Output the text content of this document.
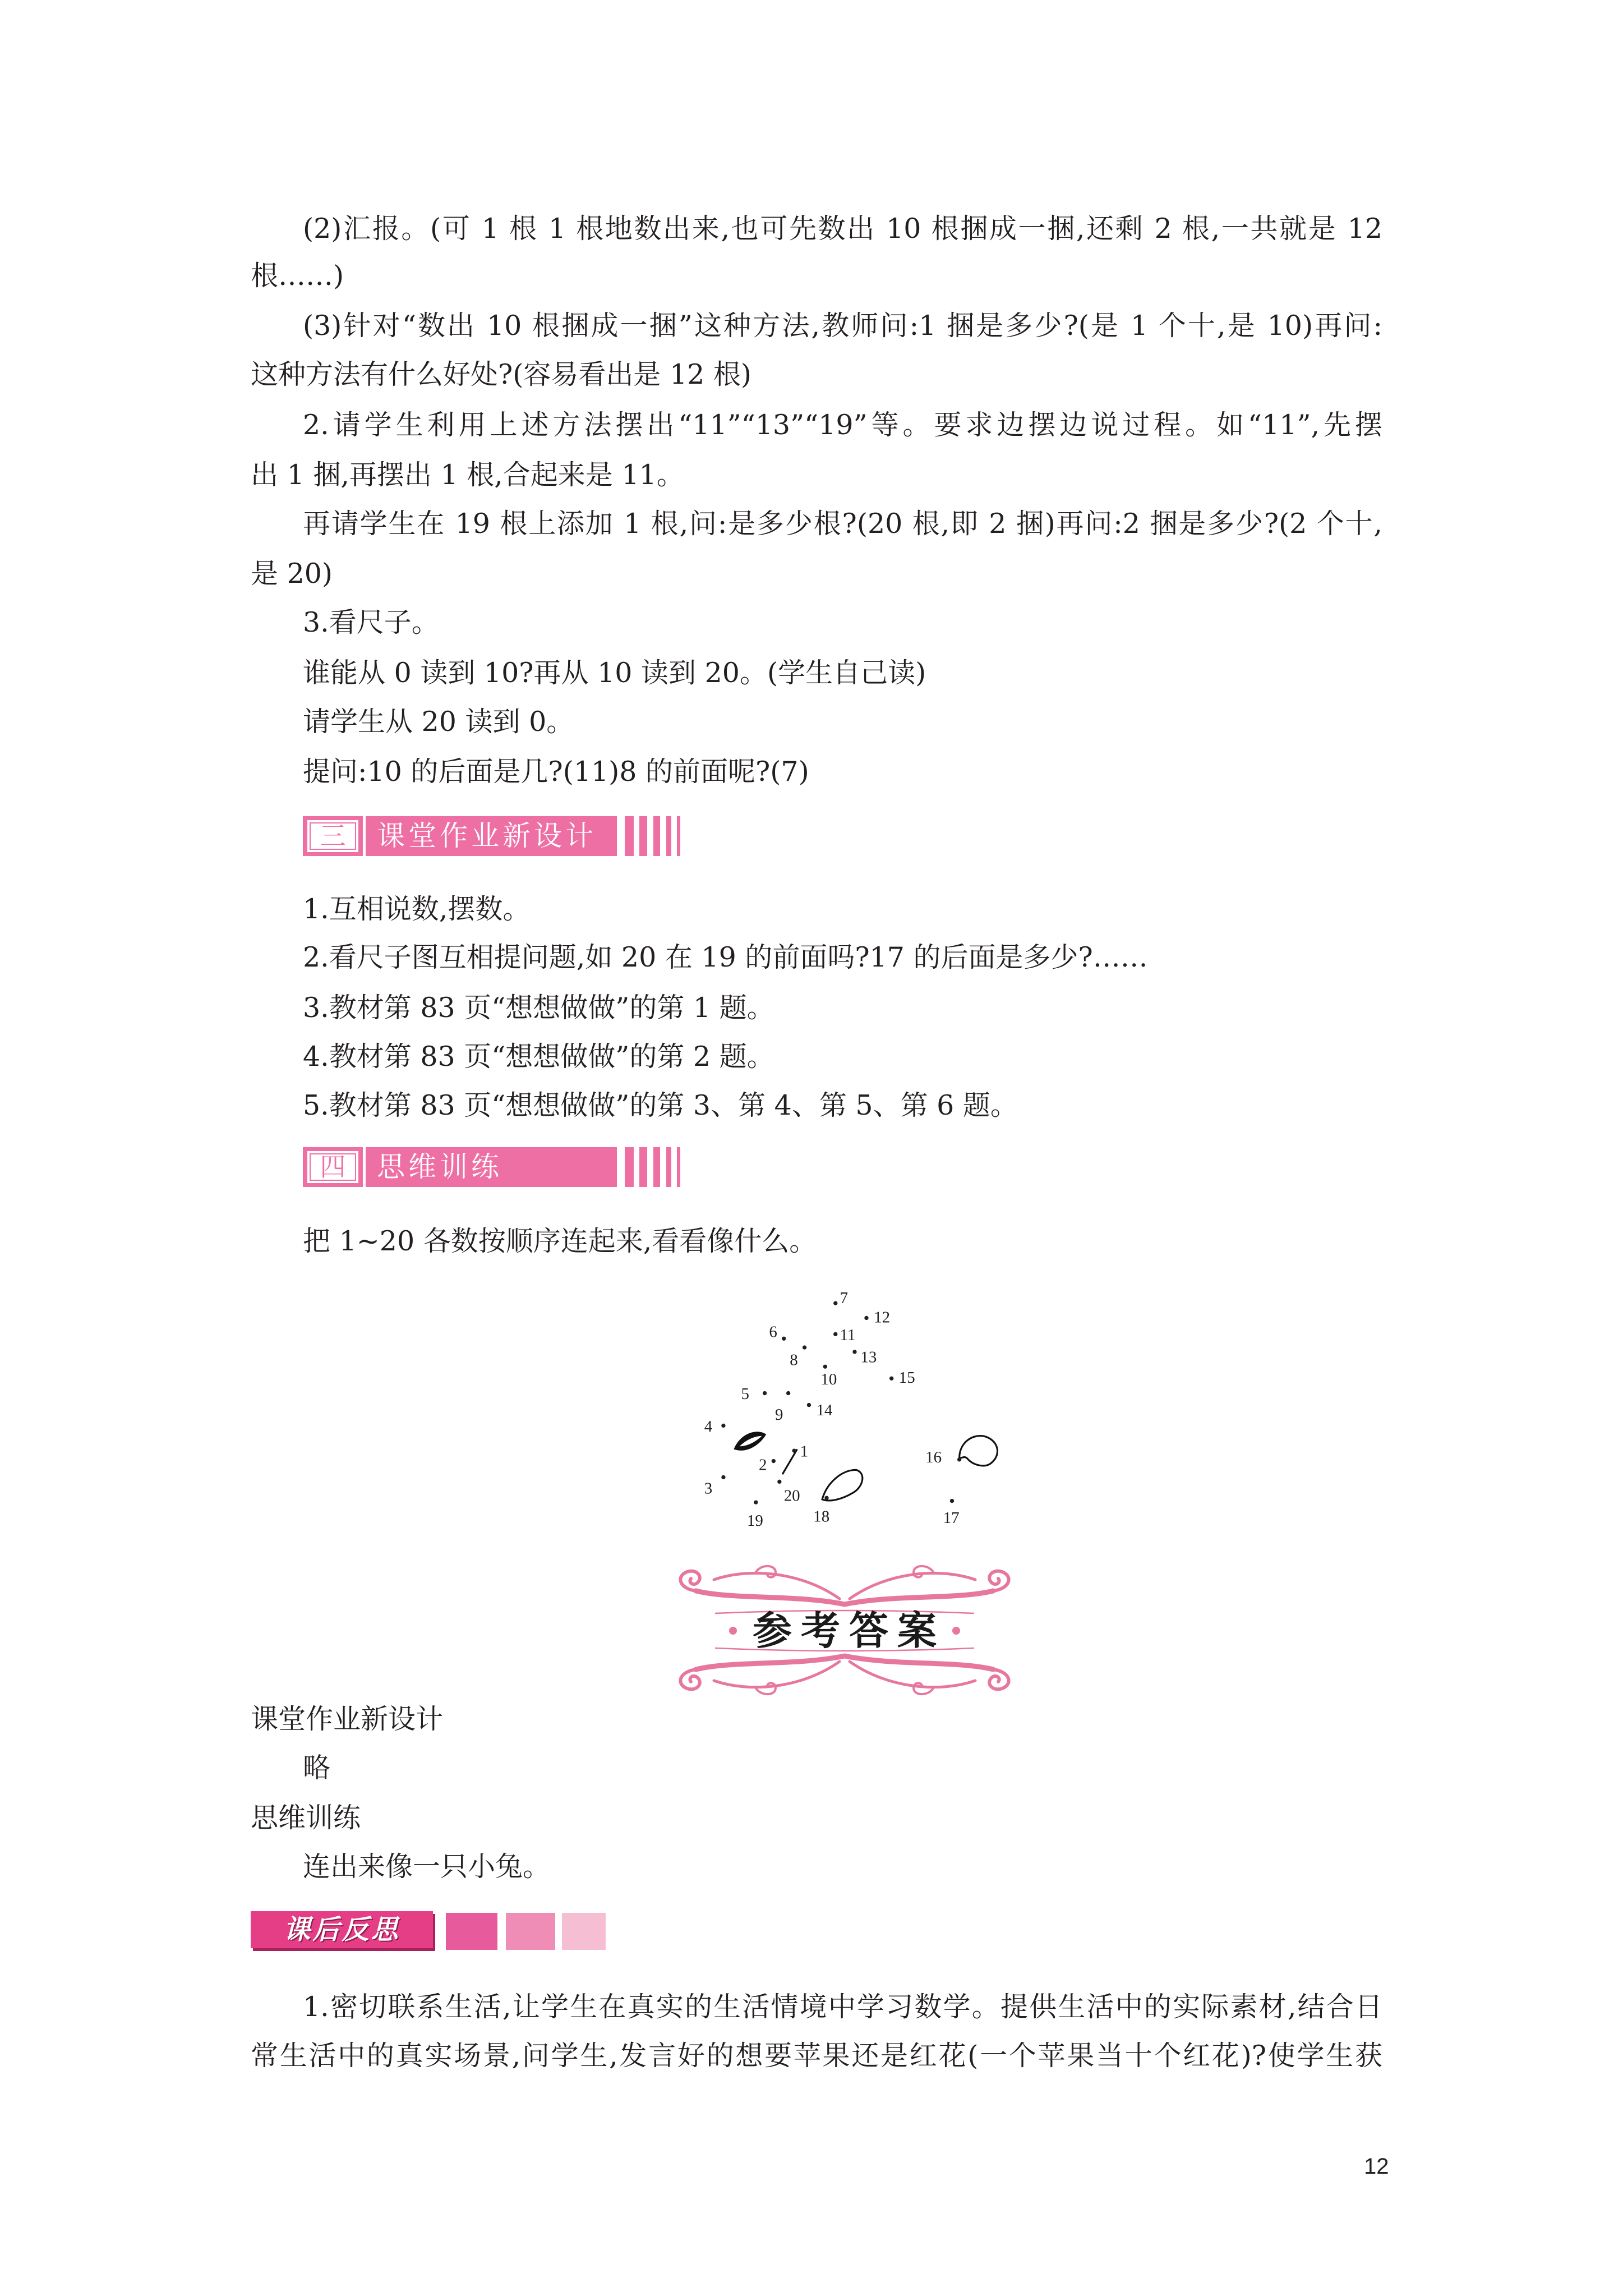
(2)汇报。(可 1 根 1 根地数出来,也可先数出 10 根捆成一捆,还剩 2 根,一共就是 12
根……)
(3)针对“数出 10 根捆成一捆”这种方法,教师问:1 捆是多少?(是 1 个十,是 10)再问:
这种方法有什么好处?(容易看出是 12 根)
2.请学生利用上述方法摆出“11”“13”“19”等。要求边摆边说过程。如“11”,先摆
出 1 捆,再摆出 1 根,合起来是 11。
再请学生在 19 根上添加 1 根,问:是多少根?(20 根,即 2 捆)再问:2 捆是多少?(2 个十,
是 20)
3.看尺子。
谁能从 0 读到 10?再从 10 读到 20。(学生自己读)
请学生从 20 读到 0。
提问:10 的后面是几?(11)8 的前面呢?(7)
三	课堂作业新设计
1.互相说数,摆数。
2.看尺子图互相提问题,如 20 在 19 的前面吗?17 的后面是多少?……
3.教材第 83 页“想想做做”的第 1 题。
4.教材第 83 页“想想做做”的第 2 题。
5.教材第 83 页“想想做做”的第 3、第 4、第 5、第 6 题。
四	思维训练
把 1~20 各数按顺序连起来,看看像什么。
1
2
3
4
5
6
7
8
9
10
11
12
13
14
15
16
17
18
19
20
参考答案
课堂作业新设计
略
思维训练
连出来像一只小兔。
课后反思
1.密切联系生活,让学生在真实的生活情境中学习数学。提供生活中的实际素材,结合日
常生活中的真实场景,问学生,发言好的想要苹果还是红花(一个苹果当十个红花)?使学生获
12
